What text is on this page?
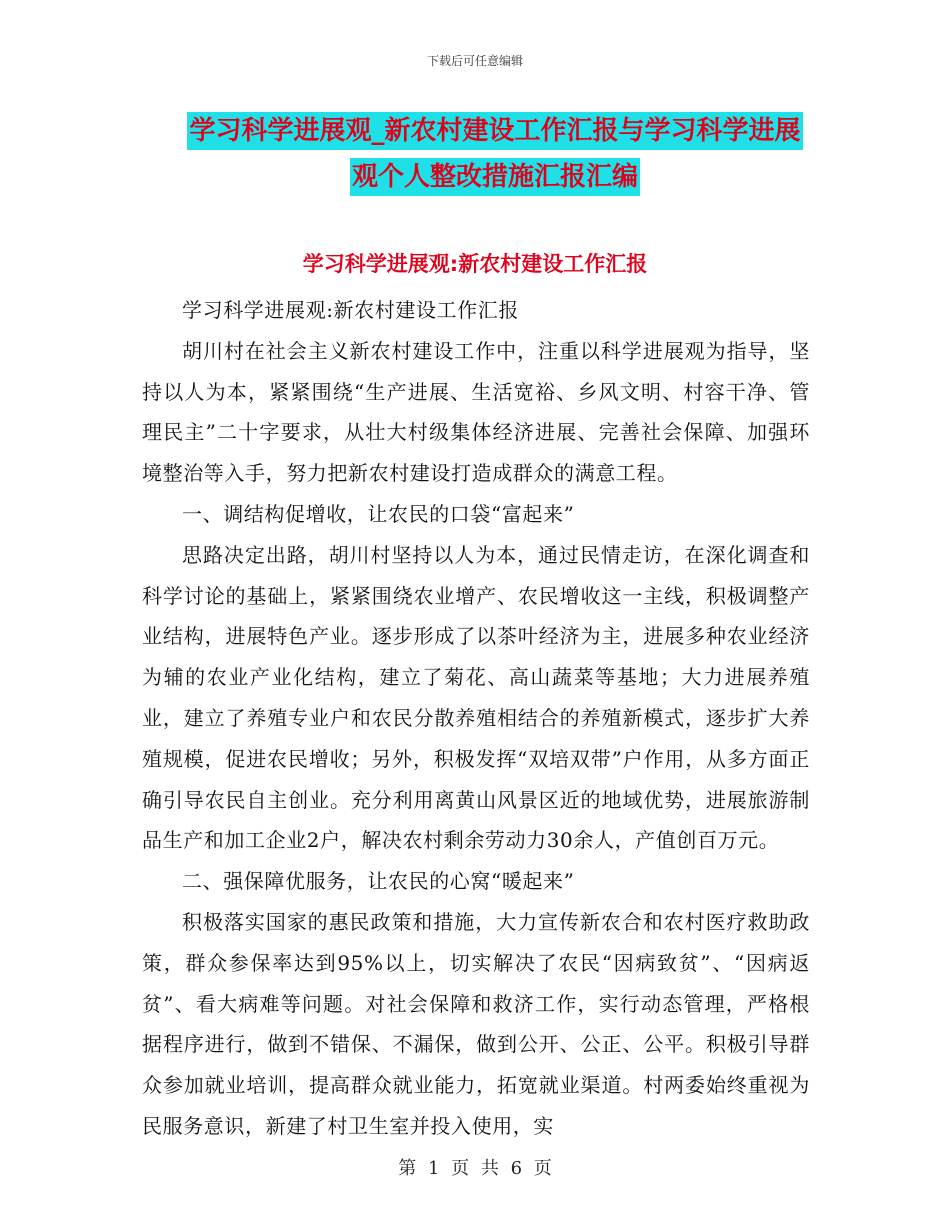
下载后可任意编辑
学习科学进展观_新农村建设工作汇报与学习科学进展
观个人整改措施汇报汇编
学习科学进展观:新农村建设工作汇报

学习科学进展观:新农村建设工作汇报

胡川村在社会主义新农村建设工作中，注重以科学进展观为指导，坚持以人为本，紧紧围绕“生产进展、生活宽裕、乡风文明、村容干净、管理民主”二十字要求，从壮大村级集体经济进展、完善社会保障、加强环境整治等入手，努力把新农村建设打造成群众的满意工程。

一、调结构促增收，让农民的口袋“富起来”

思路决定出路，胡川村坚持以人为本，通过民情走访，在深化调查和科学讨论的基础上，紧紧围绕农业增产、农民增收这一主线，积极调整产业结构，进展特色产业。逐步形成了以茶叶经济为主，进展多种农业经济为辅的农业产业化结构，建立了菊花、高山蔬菜等基地；大力进展养殖业，建立了养殖专业户和农民分散养殖相结合的养殖新模式，逐步扩大养殖规模，促进农民增收；另外，积极发挥“双培双带”户作用，从多方面正确引导农民自主创业。充分利用离黄山风景区近的地域优势，进展旅游制品生产和加工企业2户，解决农村剩余劳动力30余人，产值创百万元。

二、强保障优服务，让农民的心窝“暖起来”

积极落实国家的惠民政策和措施，大力宣传新农合和农村医疗救助政策，群众参保率达到95%以上，切实解决了农民“因病致贫”、“因病返贫”、看大病难等问题。对社会保障和救济工作，实行动态管理，严格根据程序进行，做到不错保、不漏保，做到公开、公正、公平。积极引导群众参加就业培训，提高群众就业能力，拓宽就业渠道。村两委始终重视为民服务意识，新建了村卫生室并投入使用，实

第 1 页 共 6 页
